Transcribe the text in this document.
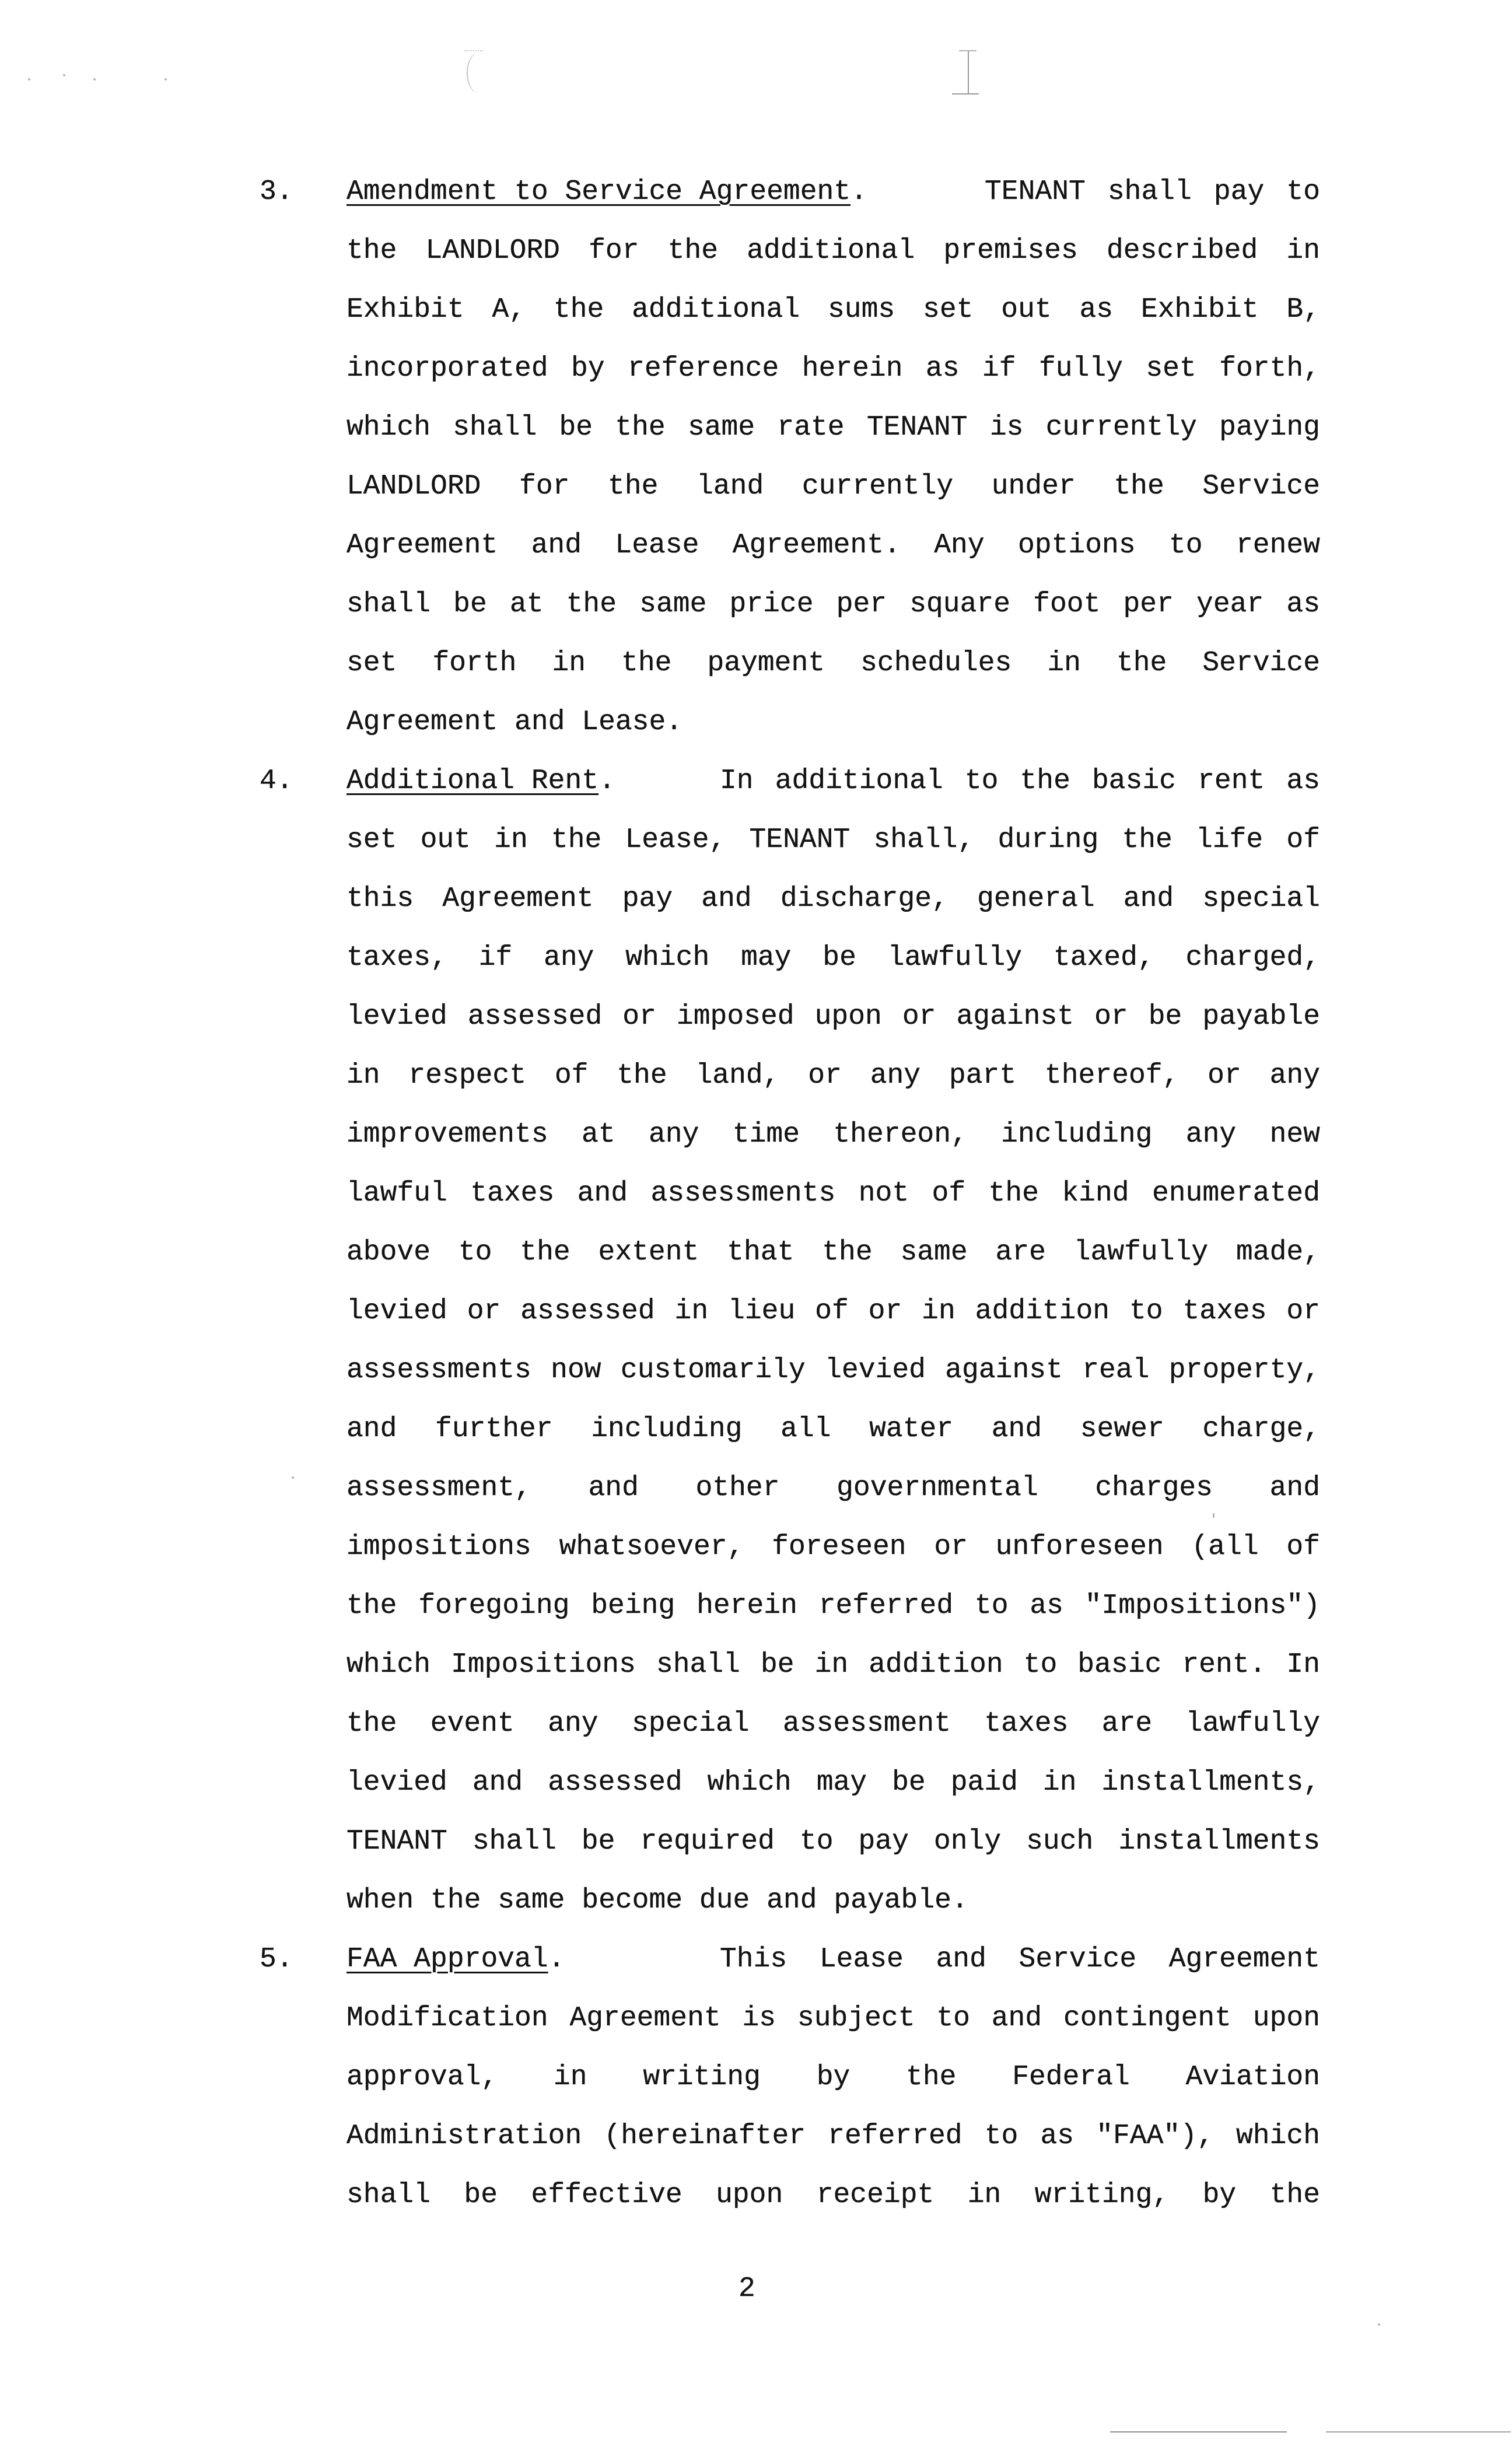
3. Amendment to Service Agreement.	TENANT shall pay to
the LANDLORD for the additional premises described in
Exhibit A, the additional sums set out as Exhibit B,
incorporated by reference herein as if fully set forth,
which shall be the same rate TENANT is currently paying
LANDLORD for the land currently under the Service
Agreement and Lease Agreement. Any options to renew
shall be at the same price per square foot per year as
set forth in the payment schedules in the Service
Agreement and Lease.
4. Additional Rent.	In additional to the basic rent as
set out in the Lease, TENANT shall, during the life of
this Agreement pay and discharge, general and special
taxes, if any which may be lawfully taxed, charged,
levied assessed or imposed upon or against or be payable
in respect of the land, or any part thereof, or any
improvements at any time thereon, including any new
lawful taxes and assessments not of the kind enumerated
above to the extent that the same are lawfully made,
levied or assessed in lieu of or in addition to taxes or
assessments now customarily levied against real property,
and further including all water and sewer charge,
assessment, and other governmental charges and
impositions whatsoever, foreseen or unforeseen (all of
the foregoing being herein referred to as "Impositions")
which Impositions shall be in addition to basic rent. In
the event any special assessment taxes are lawfully
levied and assessed which may be paid in installments,
TENANT shall be required to pay only such installments
when the same become due and payable.
5. FAA Approval.	This Lease and Service Agreement
Modification Agreement is subject to and contingent upon
approval, in writing by the Federal Aviation
Administration (hereinafter referred to as "FAA"), which
shall be effective upon receipt in writing, by the
2
